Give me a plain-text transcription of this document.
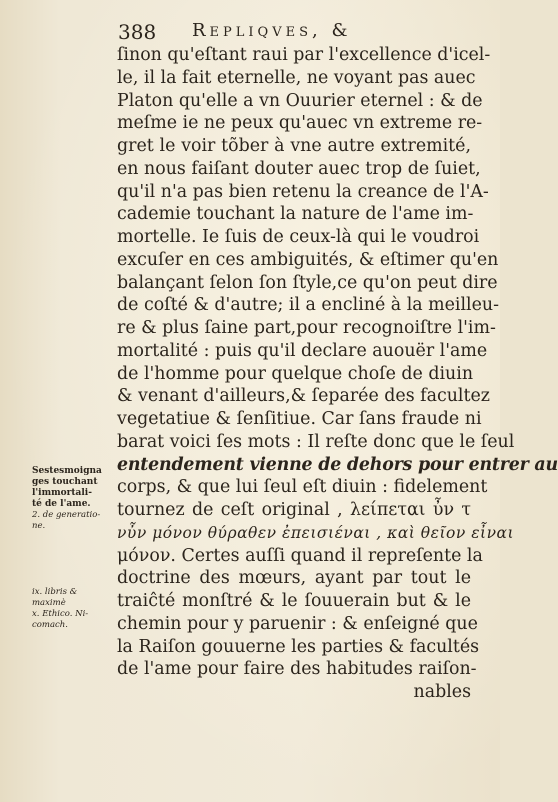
388 Repliqves, &
ſinon qu'eſtant raui par l'excellence d'icel-
le, il la fait eternelle, ne voyant pas auec
Platon qu'elle a vn Ouurier eternel : & de
meſme ie ne peux qu'auec vn extreme re-
gret le voir tõber à vne autre extremité,
en nous faiſant douter auec trop de ſuiet,
qu'il n'a pas bien retenu la creance de l'A-
cademie touchant la nature de l'ame im-
mortelle. Ie ſuis de ceux-là qui le voudroi
excuſer en ces ambiguités, & eſtimer qu'en
balançant ſelon ſon ſtyle,ce qu'on peut dire
de coſté & d'autre; il a encliné à la meilleu-
re & plus ſaine part,pour recognoiſtre l'im-
mortalité : puis qu'il declare auouër l'ame
de l'homme pour quelque choſe de diuin
& venant d'ailleurs,& ſeparée des facultez
vegetatiue & ſenſitiue. Car ſans fraude ni
barat voici ſes mots : Il reſte donc que le ſeul
entendement vienne de dehors pour entrer au
corps, & que lui ſeul eſt diuin : fidelement
tournez de ceſt original , λείπεται ὖν τ
νὖν μόνον θύραθεν ἐπεισιέναι , καὶ θεῖον εἶναι
μόνον. Certes auſſi quand il repreſente la
doctrine des mœurs, ayant par tout le
traiĉté monſtré & le ſouuerain but & le
chemin pour y paruenir : & enſeigné que
la Raiſon gouuerne les parties & facultés
de l'ame pour faire des habitudes raiſon-
nables
Sestesmoigna
ges touchant
l'immortali-
té de l'ame.
2. de generatio-
ne.
ix. libris &
maximè
x. Ethico. Ni-
comach.
